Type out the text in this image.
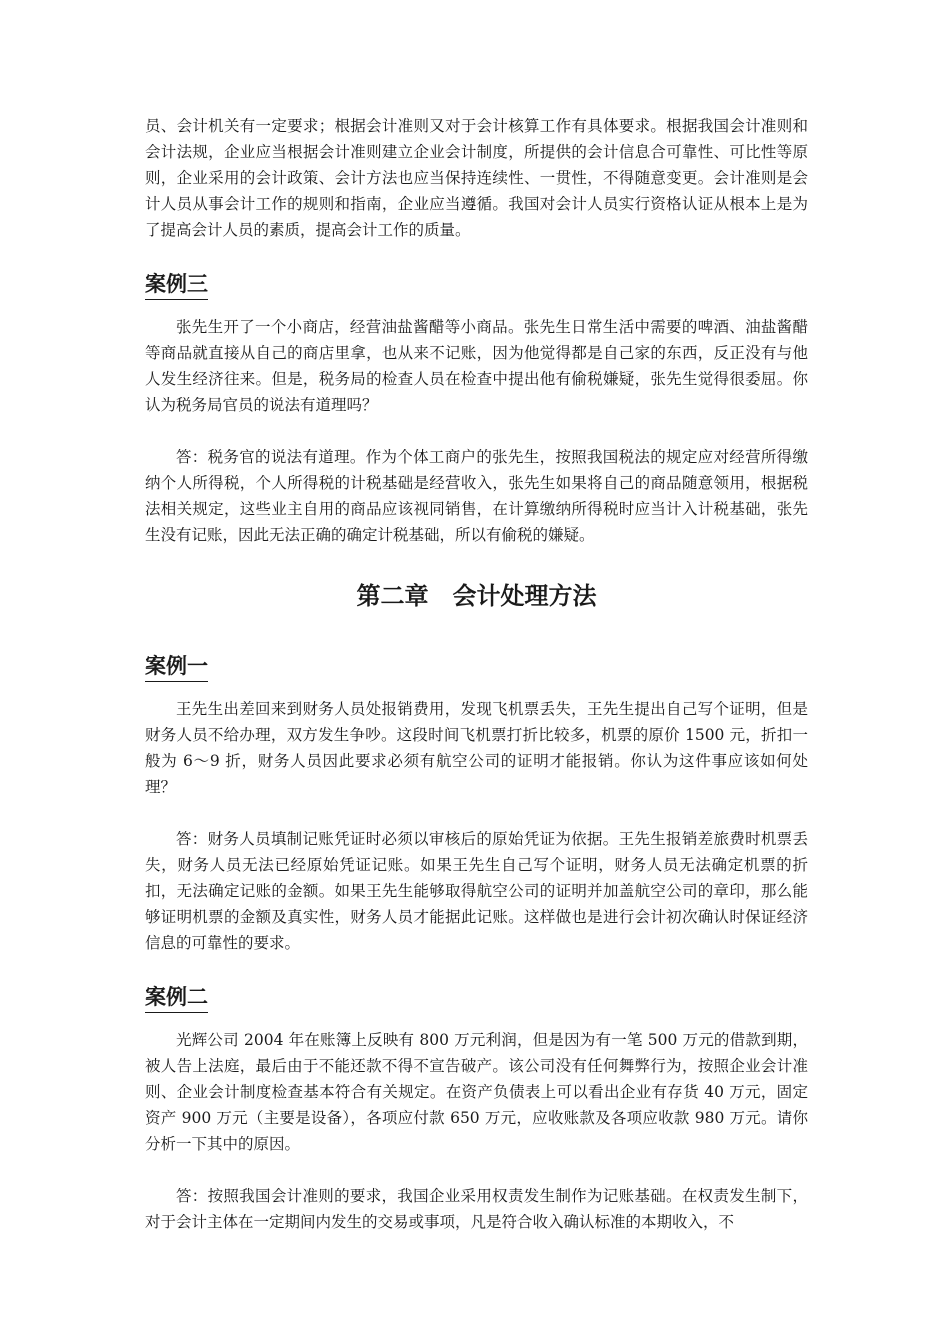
员、会计机关有一定要求；根据会计准则又对于会计核算工作有具体要求。根据我国会计准则和会计法规，企业应当根据会计准则建立企业会计制度，所提供的会计信息合可靠性、可比性等原则，企业采用的会计政策、会计方法也应当保持连续性、一贯性，不得随意变更。会计准则是会计人员从事会计工作的规则和指南，企业应当遵循。我国对会计人员实行资格认证从根本上是为了提高会计人员的素质，提高会计工作的质量。

案例三

张先生开了一个小商店，经营油盐酱醋等小商品。张先生日常生活中需要的啤酒、油盐酱醋等商品就直接从自己的商店里拿，也从来不记账，因为他觉得都是自己家的东西，反正没有与他人发生经济往来。但是，税务局的检查人员在检查中提出他有偷税嫌疑，张先生觉得很委屈。你认为税务局官员的说法有道理吗？

答：税务官的说法有道理。作为个体工商户的张先生，按照我国税法的规定应对经营所得缴纳个人所得税，个人所得税的计税基础是经营收入，张先生如果将自己的商品随意领用，根据税法相关规定，这些业主自用的商品应该视同销售，在计算缴纳所得税时应当计入计税基础，张先生没有记账，因此无法正确的确定计税基础，所以有偷税的嫌疑。

第二章　会计处理方法
案例一

王先生出差回来到财务人员处报销费用，发现飞机票丢失，王先生提出自己写个证明，但是财务人员不给办理，双方发生争吵。这段时间飞机票打折比较多，机票的原价 1500 元，折扣一般为 6～9 折，财务人员因此要求必须有航空公司的证明才能报销。你认为这件事应该如何处理？

答：财务人员填制记账凭证时必须以审核后的原始凭证为依据。王先生报销差旅费时机票丢失，财务人员无法已经原始凭证记账。如果王先生自己写个证明，财务人员无法确定机票的折扣，无法确定记账的金额。如果王先生能够取得航空公司的证明并加盖航空公司的章印，那么能够证明机票的金额及真实性，财务人员才能据此记账。这样做也是进行会计初次确认时保证经济信息的可靠性的要求。

案例二

光辉公司 2004 年在账簿上反映有 800 万元利润，但是因为有一笔 500 万元的借款到期，被人告上法庭，最后由于不能还款不得不宣告破产。该公司没有任何舞弊行为，按照企业会计准则、企业会计制度检查基本符合有关规定。在资产负债表上可以看出企业有存货 40 万元，固定资产 900 万元（主要是设备），各项应付款 650 万元，应收账款及各项应收款 980 万元。请你分析一下其中的原因。

答：按照我国会计准则的要求，我国企业采用权责发生制作为记账基础。在权责发生制下，对于会计主体在一定期间内发生的交易或事项，凡是符合收入确认标准的本期收入，不
